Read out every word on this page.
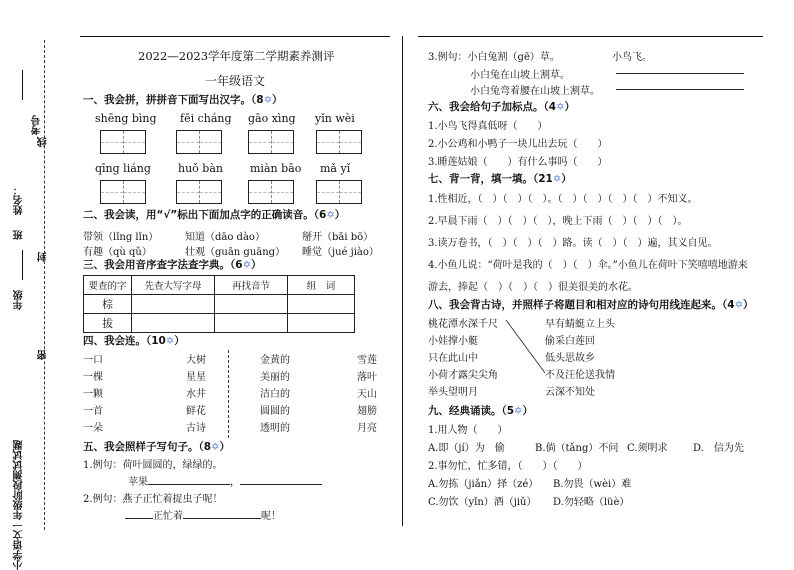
考号
姓名：
班
年级
小学语文一年级阶段测试试题
线
封
密
2022—2023学年度第二学期素养测评
一年级语文
一、我会拼，拼拼音下面写出汉字。（8✡）
shēng bìng fēi cháng gāo xìng yǐn wèi
qīng liáng huǒ bàn miàn bāo mǎ yǐ
二、我会读，用“√”标出下面加点字的正确读音。（6✡）
带领（lǐng lǐn）	知道（dāo dào）	掰开（bāi bō）
有趣（qù qǔ）	壮观（guān guāng） 睡觉（jué jiào）
三、我会用音序查字法查字典。（6✡）
要查的字	先查大写字母	再找音节	组　词
棕			
拔			
四、我会连。（10✡）
一口	大树	金黄的	雪莲
一棵	星星	美丽的	落叶
一颗	水井	洁白的	天山
一首	鲜花	圆圆的	翅膀
一朵	古诗	透明的	月亮
五、我会照样子写句子。（8✡）
1.例句：荷叶圆圆的，绿绿的。
苹果	，
2.例句：燕子正忙着捉虫子呢！
正忙着	呢！
3.例句：小白兔割（gē）草。	小鸟飞。
小白兔在山坡上割草。
小白兔弯着腰在山坡上割草。
六、我会给句子加标点。（4✡）
1.小鸟飞得真低呀（　　）
2.小公鸡和小鸭子一块儿出去玩（　　）
3.睡莲姑娘（　　）有什么事吗（　　）
七、背一背，填一填。（21✡）
1.性相近，（　）（　）（　）。（　）（　）（　）（　）不知义。
2.早晨下雨（　）（　）（　），晚上下雨（　）（　）（　）。
3.读万卷书，（　）（　）（　）路。读（　）（　）遍，其义自见。
4.小鱼儿说：“荷叶是我的（　）（　）伞。”小鱼儿在荷叶下笑嘻嘻地游来
游去，捧起（　）（　）（　）很美很美的水花。
八、我会背古诗，并照样子将题目和相对应的诗句用线连起来。（4✡）
桃花潭水深千尺	早有蜻蜓立上头
小娃撑小艇	偷采白莲回
只在此山中	低头思故乡
小荷才露尖尖角	不及汪伦送我情
举头望明月	云深不知处
九、经典诵读。（5✡）
1.用人物（　　）
A.即（jí）为　偷	B.倘（tǎng）不问 C.须明求	D.　信为先
2.事勿忙，忙多错，（　　）（　　）
A.勿拣（jiǎn）择（zé） B.勿畏（wèi）难
C.勿饮（yǐn）酒（jiǔ） D.勿轻略（lüè）
